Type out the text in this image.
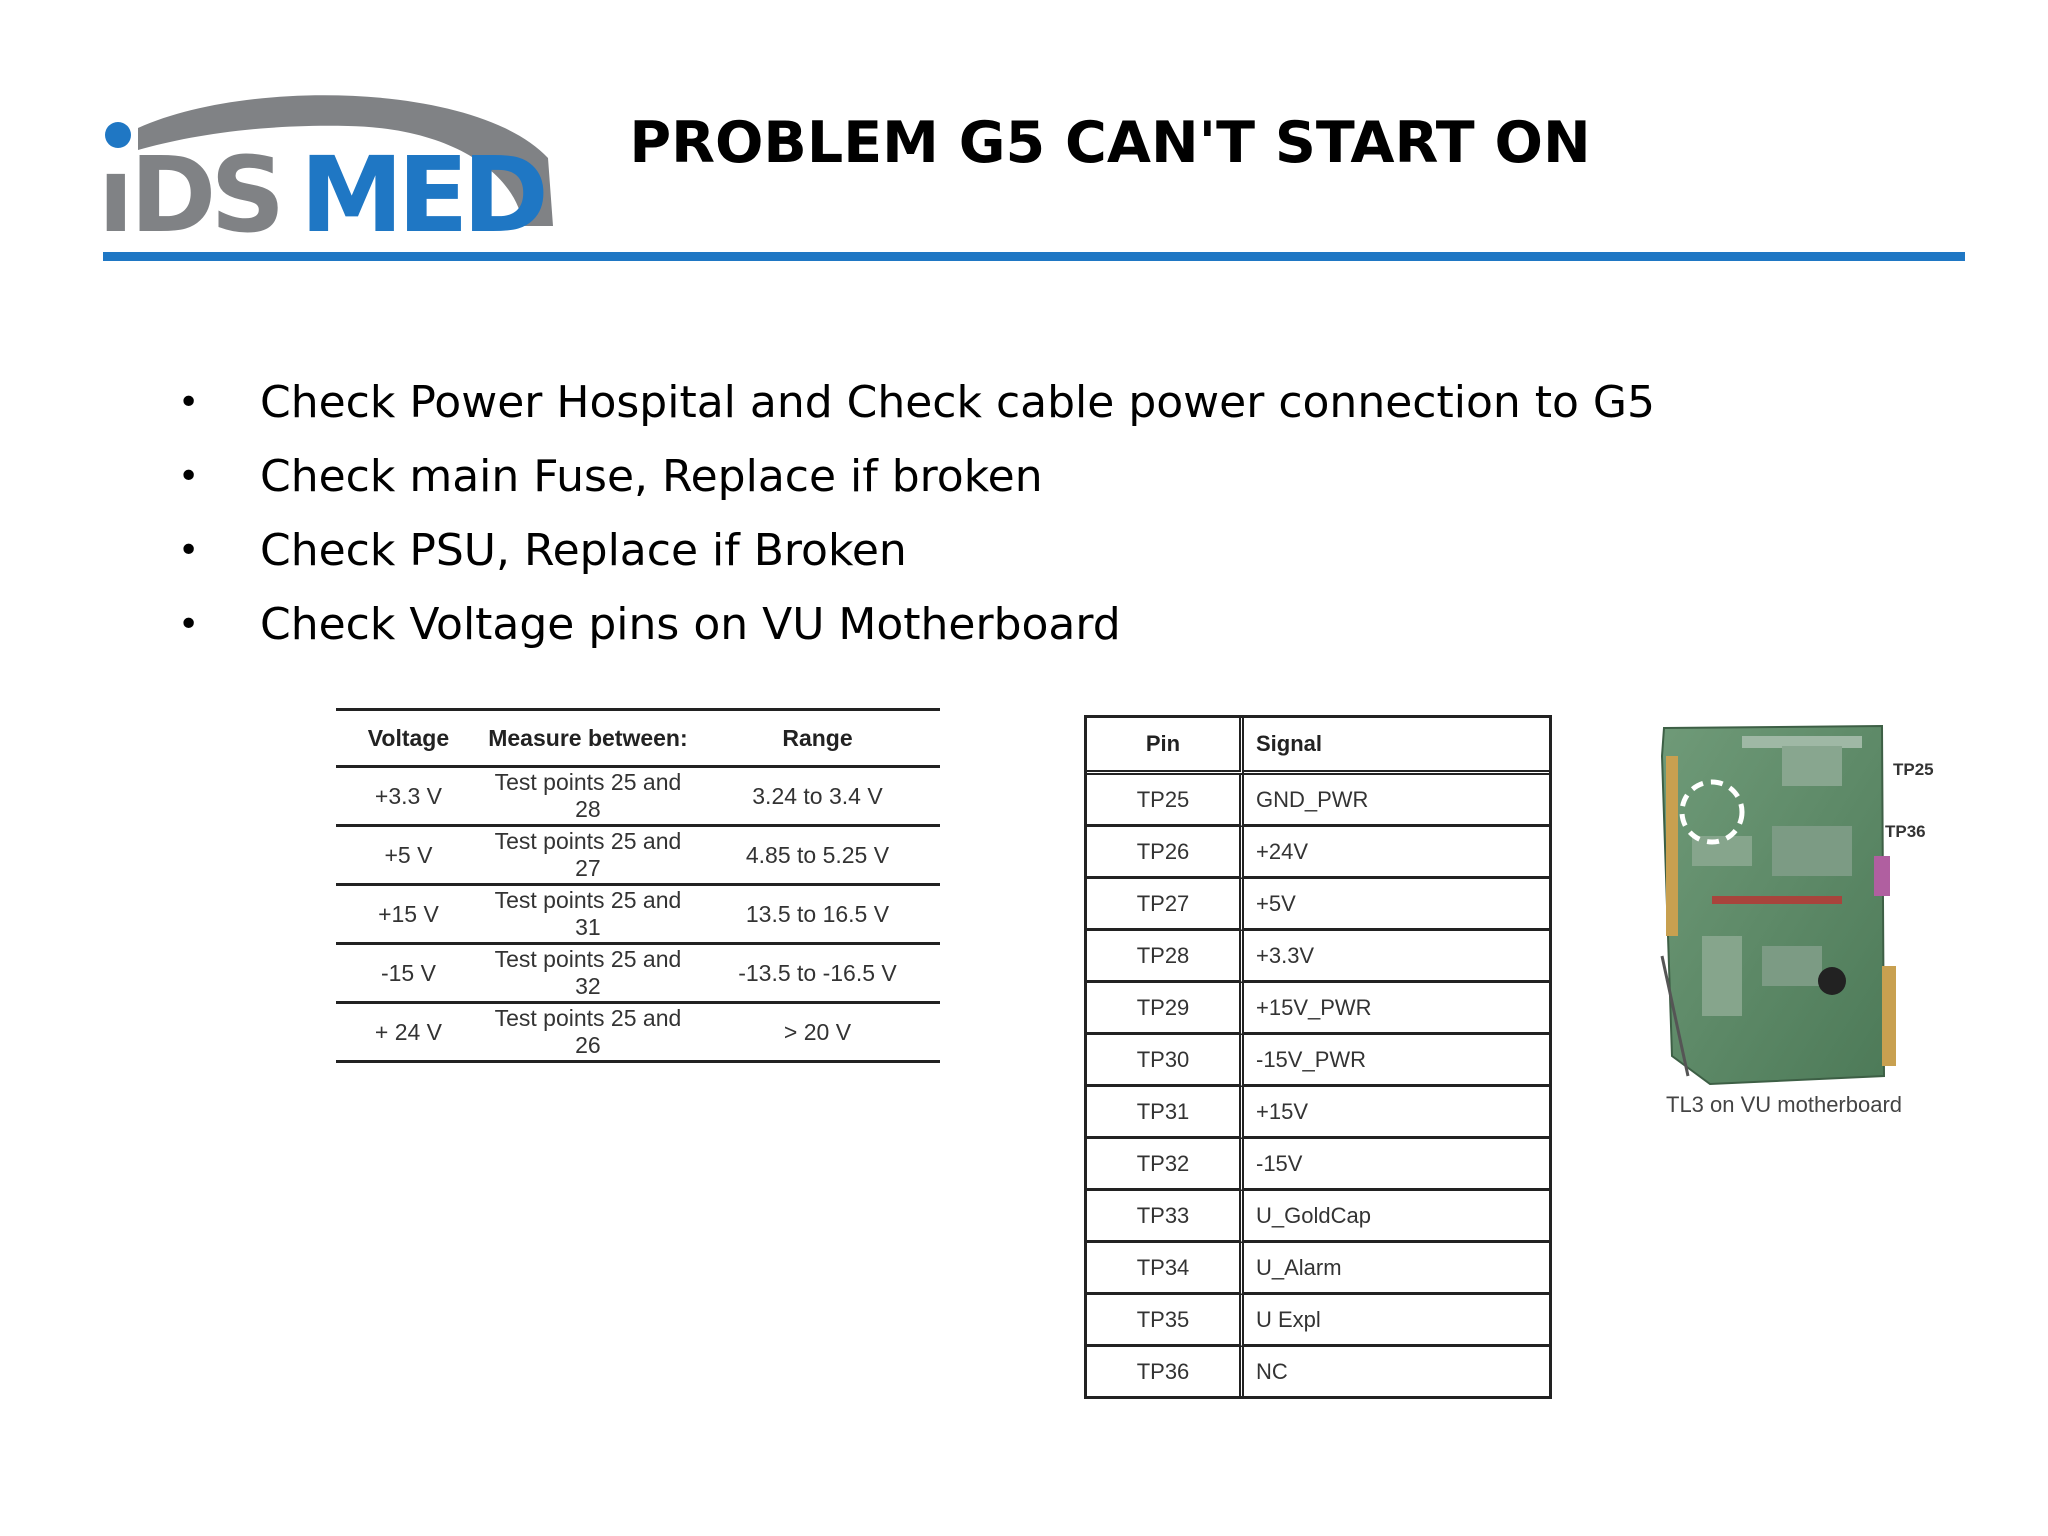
ı DS MED	PROBLEM G5 CAN'T START ON
• Check Power Hospital and Check cable power connection to G5
• Check main Fuse, Replace if broken
• Check PSU, Replace if Broken
• Check Voltage pins on VU Motherboard
Voltage	Measure between:	Range
+3.3 V	Test points 25 and 28	3.24 to 3.4 V
+5 V	Test points 25 and 27	4.85 to 5.25 V
+15 V	Test points 25 and 31	13.5 to 16.5 V
-15 V	Test points 25 and 32	-13.5 to -16.5 V
+ 24 V	Test points 25 and 26	> 20 V
Pin	Signal
TP25	GND_PWR
TP26	+24V
TP27	+5V
TP28	+3.3V
TP29	+15V_PWR
TP30	-15V_PWR
TP31	+15V
TP32	-15V
TP33	U_GoldCap
TP34	U_Alarm
TP35	U Expl
TP36	NC
TP25
TP36
TL3 on VU motherboard
